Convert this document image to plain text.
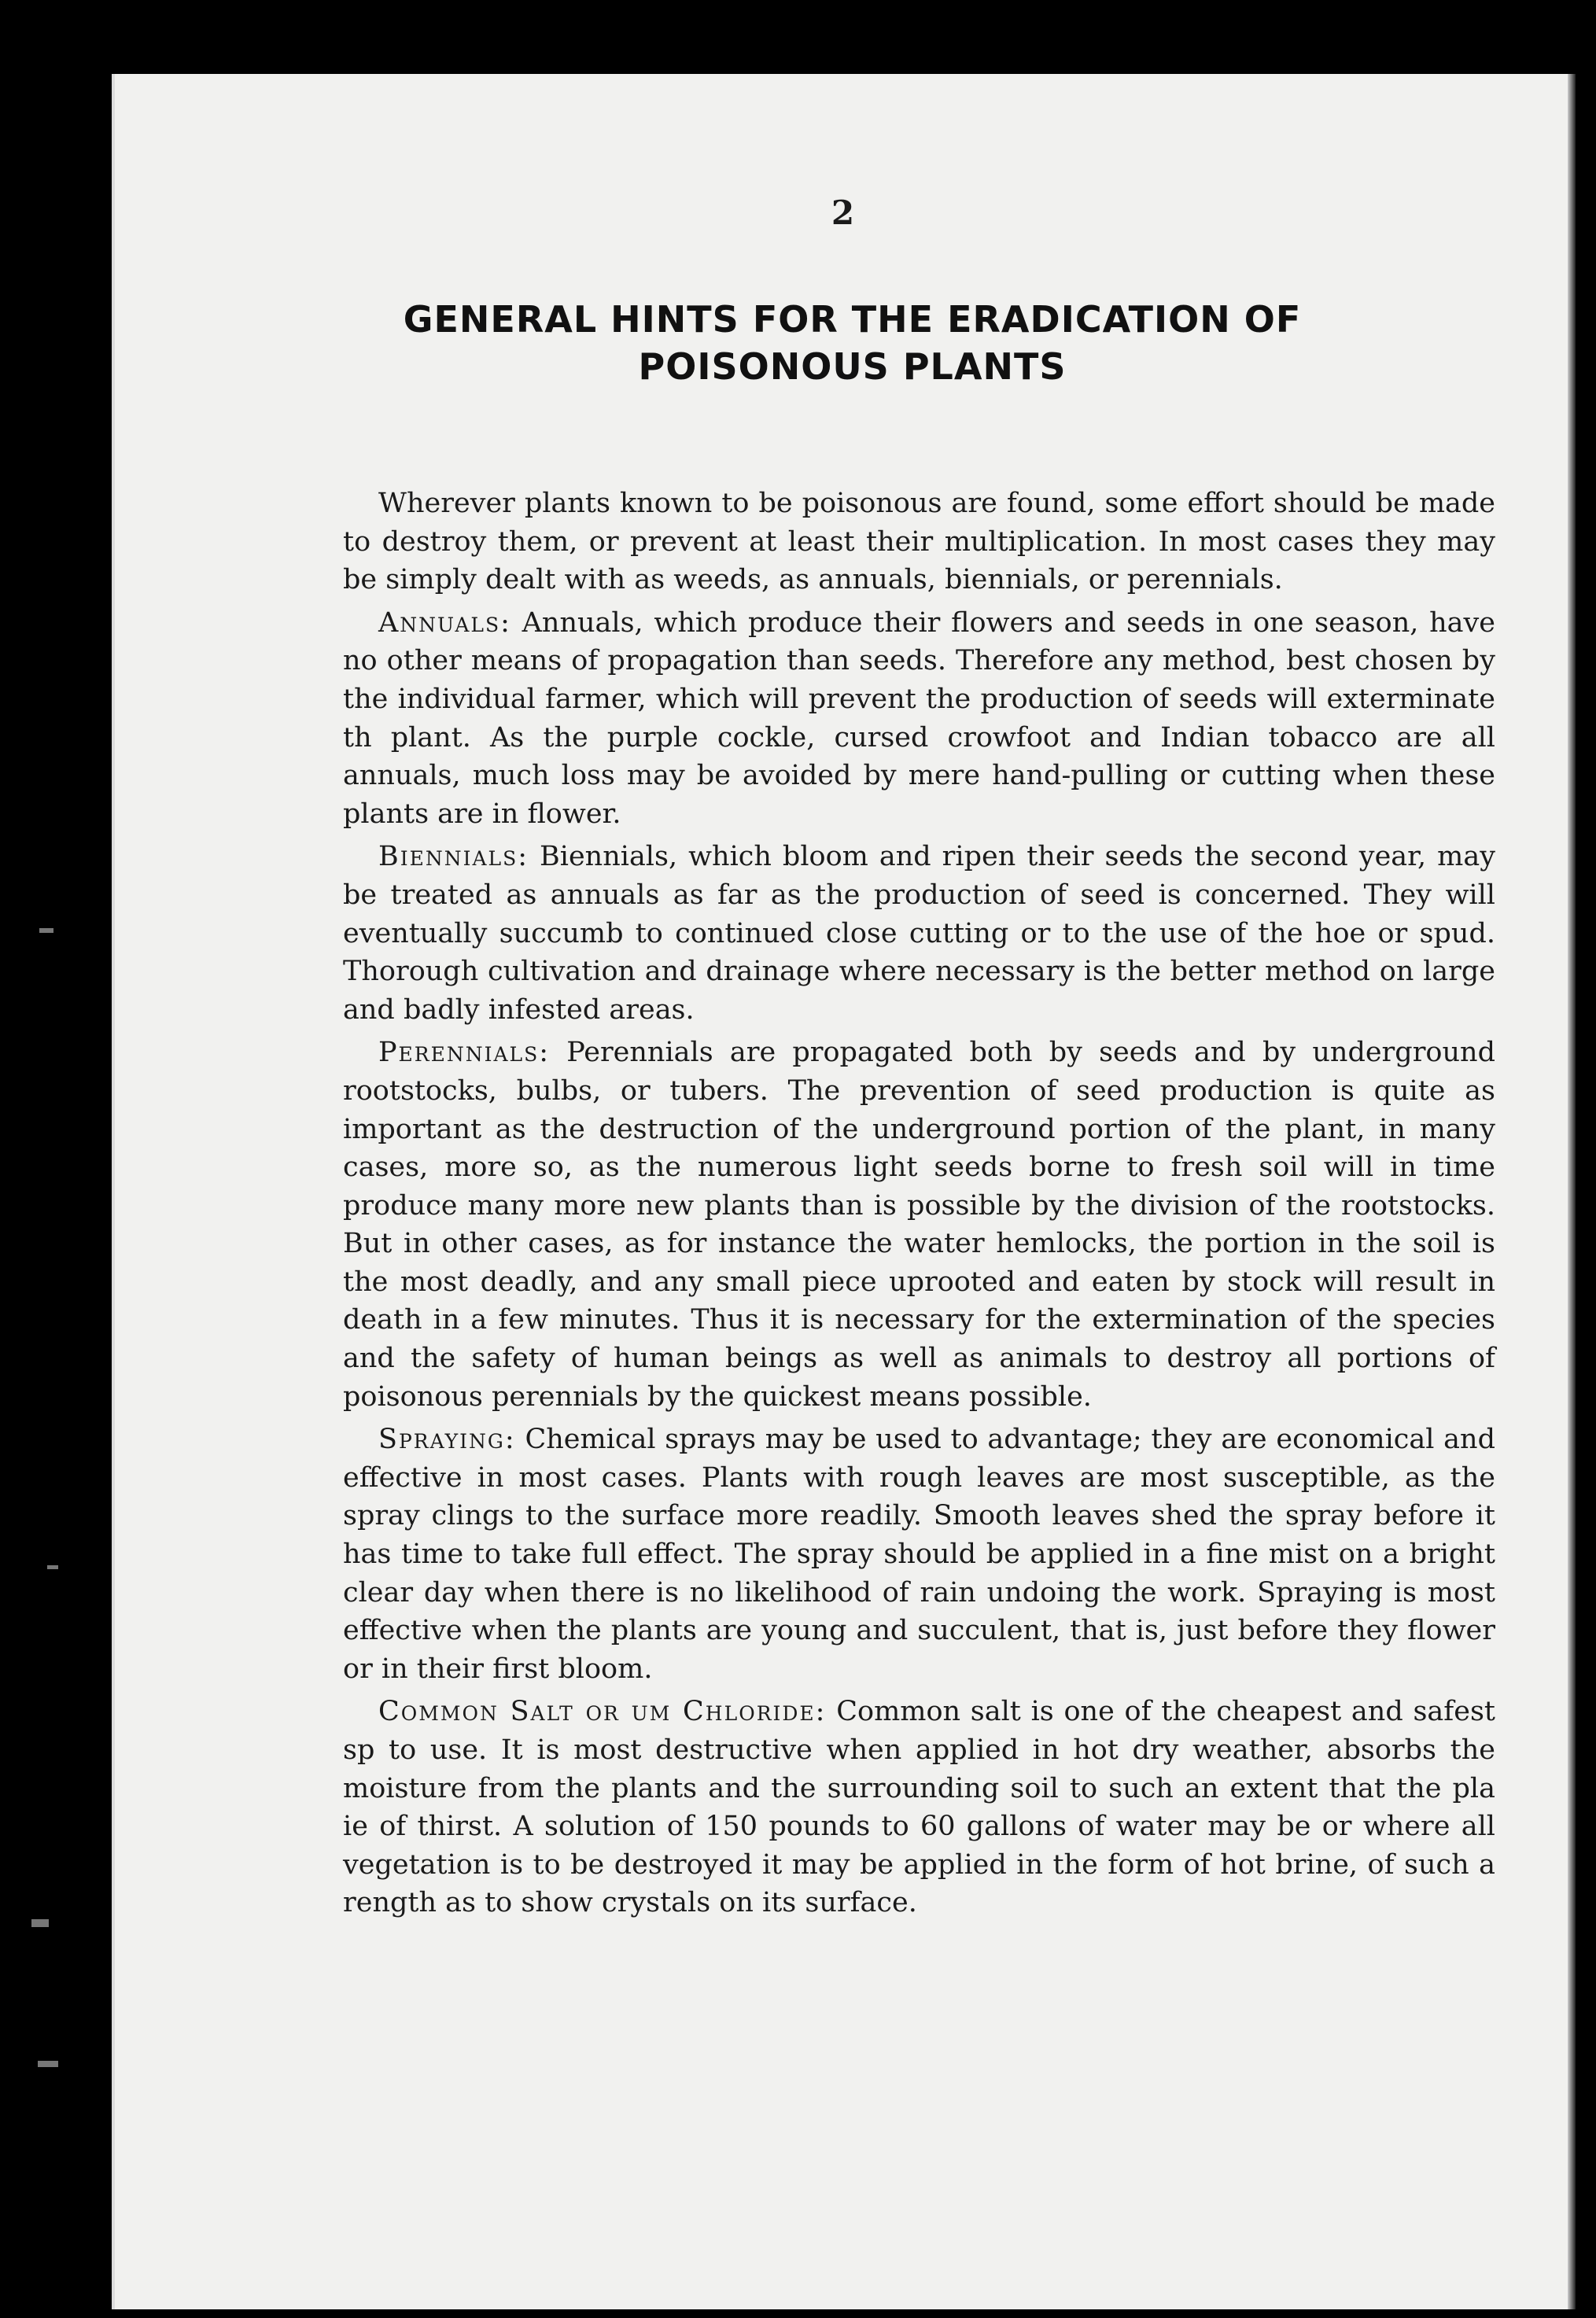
2
GENERAL HINTS FOR THE ERADICATION OF
POISONOUS PLANTS

Wherever plants known to be poisonous are found, some effort should be made to destroy them, or prevent at least their multiplication. In most cases they may be simply dealt with as weeds, as annuals, biennials, or perennials.

Annuals: Annuals, which produce their flowers and seeds in one season, have no other means of propagation than seeds. Therefore any method, best chosen by the individual farmer, which will prevent the production of seeds will exterminate th plant. As the purple cockle, cursed crowfoot and Indian tobacco are all annuals, much loss may be avoided by mere hand-pulling or cutting when these plants are in flower.

Biennials: Biennials, which bloom and ripen their seeds the second year, may be treated as annuals as far as the production of seed is concerned. They will eventually succumb to continued close cutting or to the use of the hoe or spud. Thorough cultivation and drainage where necessary is the better method on large and badly infested areas.

Perennials: Perennials are propagated both by seeds and by underground rootstocks, bulbs, or tubers. The prevention of seed production is quite as important as the destruction of the underground portion of the plant, in many cases, more so, as the numerous light seeds borne to fresh soil will in time produce many more new plants than is possible by the division of the rootstocks. But in other cases, as for instance the water hemlocks, the portion in the soil is the most deadly, and any small piece uprooted and eaten by stock will result in death in a few minutes. Thus it is necessary for the extermination of the species and the safety of human beings as well as animals to destroy all portions of poisonous perennials by the quickest means possible.

Spraying: Chemical sprays may be used to advantage; they are economical and effective in most cases. Plants with rough leaves are most susceptible, as the spray clings to the surface more readily. Smooth leaves shed the spray before it has time to take full effect. The spray should be applied in a fine mist on a bright clear day when there is no likelihood of rain undoing the work. Spraying is most effective when the plants are young and succulent, that is, just before they flower or in their first bloom.

Common Salt or um Chloride: Common salt is one of the cheapest and safest sp to use. It is most destructive when applied in hot dry weather, absorbs the moisture from the plants and the surrounding soil to such an extent that the pla ie of thirst. A solution of 150 pounds to 60 gallons of water may be or where all vegetation is to be destroyed it may be applied in the form of hot brine, of such a rength as to show crystals on its surface.
